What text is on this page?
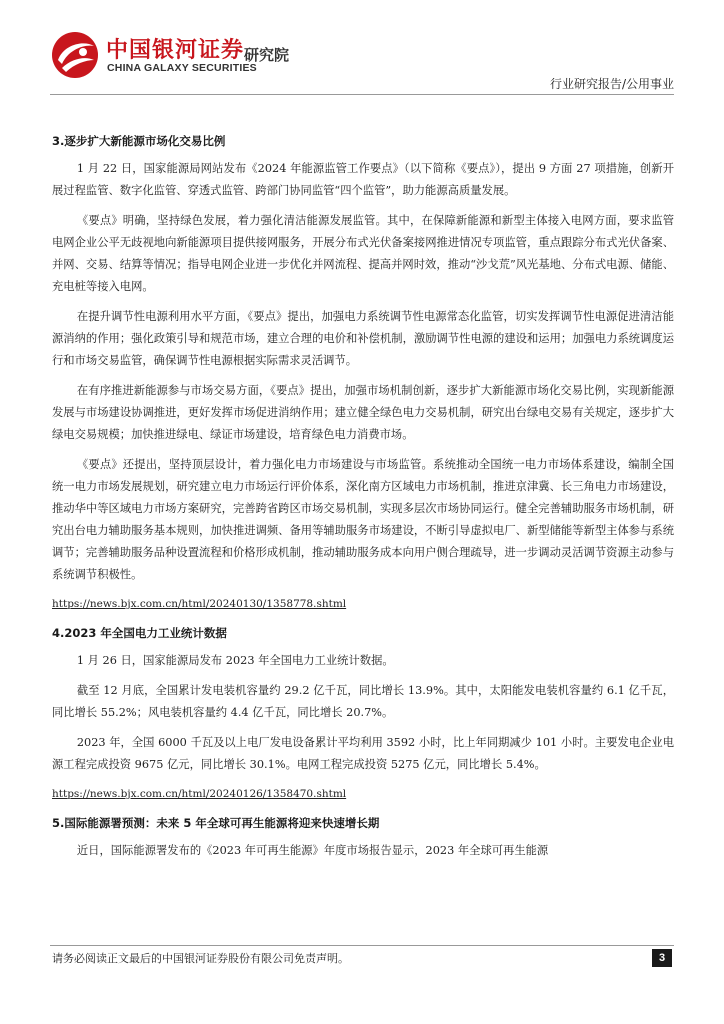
中国银河证券
CHINA GALAXY SECURITIES
研究院
行业研究报告/公用事业
3.逐步扩大新能源市场化交易比例

1 月 22 日，国家能源局网站发布《2024 年能源监管工作要点》（以下简称《要点》），提出 9 方面 27 项措施，创新开展过程监管、数字化监管、穿透式监管、跨部门协同监管“四个监管”，助力能源高质量发展。

《要点》明确，坚持绿色发展，着力强化清洁能源发展监管。其中，在保障新能源和新型主体接入电网方面，要求监管电网企业公平无歧视地向新能源项目提供接网服务，开展分布式光伏备案接网推进情况专项监管，重点跟踪分布式光伏备案、并网、交易、结算等情况；指导电网企业进一步优化并网流程、提高并网时效，推动“沙戈荒”风光基地、分布式电源、储能、充电桩等接入电网。

在提升调节性电源利用水平方面，《要点》提出，加强电力系统调节性电源常态化监管，切实发挥调节性电源促进清洁能源消纳的作用；强化政策引导和规范市场，建立合理的电价和补偿机制，激励调节性电源的建设和运用；加强电力系统调度运行和市场交易监管，确保调节性电源根据实际需求灵活调节。

在有序推进新能源参与市场交易方面，《要点》提出，加强市场机制创新，逐步扩大新能源市场化交易比例，实现新能源发展与市场建设协调推进，更好发挥市场促进消纳作用；建立健全绿色电力交易机制，研究出台绿电交易有关规定，逐步扩大绿电交易规模；加快推进绿电、绿证市场建设，培育绿色电力消费市场。

《要点》还提出，坚持顶层设计，着力强化电力市场建设与市场监管。系统推动全国统一电力市场体系建设，编制全国统一电力市场发展规划，研究建立电力市场运行评价体系，深化南方区域电力市场机制，推进京津冀、长三角电力市场建设，推动华中等区域电力市场方案研究，完善跨省跨区市场交易机制，实现多层次市场协同运行。健全完善辅助服务市场机制，研究出台电力辅助服务基本规则，加快推进调频、备用等辅助服务市场建设，不断引导虚拟电厂、新型储能等新型主体参与系统调节；完善辅助服务品种设置流程和价格形成机制，推动辅助服务成本向用户侧合理疏导，进一步调动灵活调节资源主动参与系统调节积极性。

https://news.bjx.com.cn/html/20240130/1358778.shtml
4.2023 年全国电力工业统计数据

1 月 26 日，国家能源局发布 2023 年全国电力工业统计数据。

截至 12 月底，全国累计发电装机容量约 29.2 亿千瓦，同比增长 13.9%。其中，太阳能发电装机容量约 6.1 亿千瓦，同比增长 55.2%；风电装机容量约 4.4 亿千瓦，同比增长 20.7%。

2023 年，全国 6000 千瓦及以上电厂发电设备累计平均利用 3592 小时，比上年同期减少 101 小时。主要发电企业电源工程完成投资 9675 亿元，同比增长 30.1%。电网工程完成投资 5275 亿元，同比增长 5.4%。

https://news.bjx.com.cn/html/20240126/1358470.shtml
5.国际能源署预测：未来 5 年全球可再生能源将迎来快速增长期

近日，国际能源署发布的《2023 年可再生能源》年度市场报告显示，2023 年全球可再生能源

请务必阅读正文最后的中国银河证券股份有限公司免责声明。	3
